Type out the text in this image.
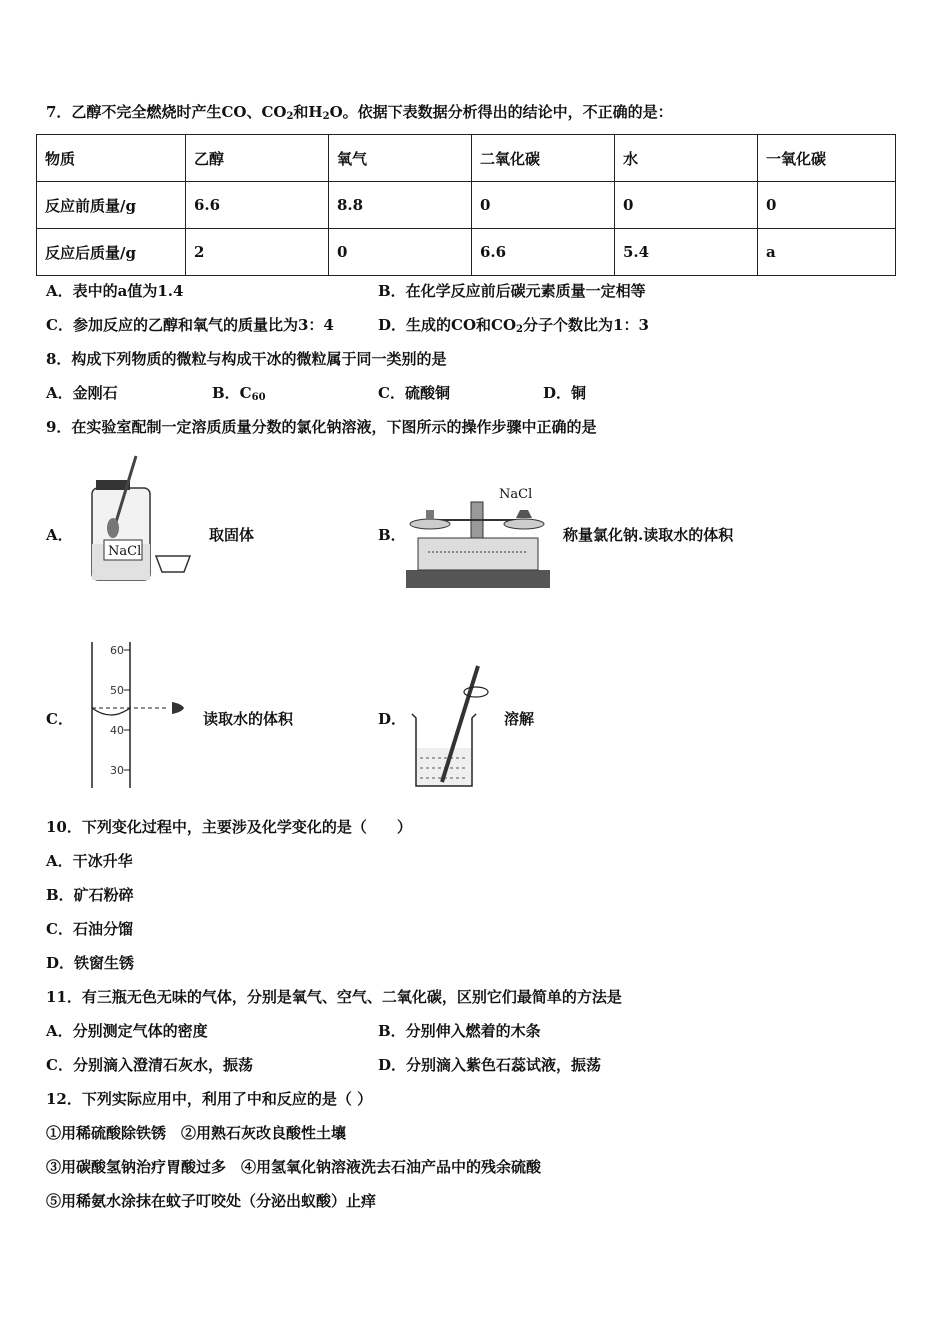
7．乙醇不完全燃烧时产生CO、$CO_2$和$H_2O$。依据下表数据分析得出的结论中，不正确的是：
物质	乙醇	氧气	二氧化碳	水	一氧化碳
反应前质量/g	6.6	8.8	0	0	0
反应后质量/g	2	0	6.6	5.4	a
A．表中的a值为1.4	B．在化学反应前后碳元素质量一定相等
C．参加反应的乙醇和氧气的质量比为3：4	D．生成的CO和$CO_2$分子个数比为1：3
8．构成下列物质的微粒与构成干冰的微粒属于同一类别的是
A．金刚石	B．$C_{60}$	C．硫酸铜	D．铜
9．在实验室配制一定溶质质量分数的氯化钠溶液，下图所示的操作步骤中正确的是
A．
NaCl
取固体	B．
NaCl
称量氯化钠.读取水的体积
C．
60
50
40
30
读取水的体积	D．	溶解
10．下列变化过程中，主要涉及化学变化的是（　　）
A．干冰升华
B．矿石粉碎
C．石油分馏
D．铁窗生锈
11．有三瓶无色无味的气体，分别是氧气、空气、二氧化碳，区别它们最简单的方法是
A．分别测定气体的密度	B．分别伸入燃着的木条
C．分别滴入澄清石灰水，振荡	D．分别滴入紫色石蕊试液，振荡
12．下列实际应用中，利用了中和反应的是（ ）
①用稀硫酸除铁锈　②用熟石灰改良酸性土壤
③用碳酸氢钠治疗胃酸过多　④用氢氧化钠溶液洗去石油产品中的残余硫酸
⑤用稀氨水涂抹在蚊子叮咬处（分泌出蚁酸）止痒
